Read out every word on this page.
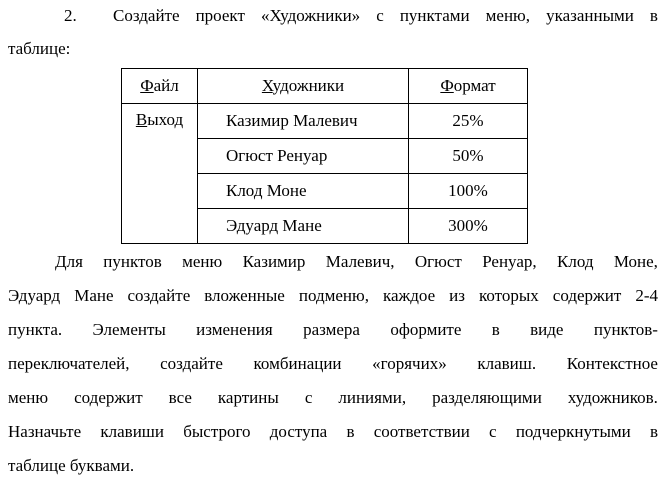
2. Создайте проект «Художники» с пунктами меню, указанными в
таблице:
Файл	Художники	Формат
Выход	Казимир Малевич	25%
	Огюст Ренуар	50%
	Клод Моне	100%
	Эдуард Мане	300%
Для пунктов меню Казимир Малевич, Огюст Ренуар, Клод Моне,
Эдуард Мане создайте вложенные подменю, каждое из которых содержит 2-4
пункта. Элементы изменения размера оформите в виде пунктов-
переключателей, создайте комбинации «горячих» клавиш. Контекстное
меню содержит все картины с линиями, разделяющими художников.
Назначьте клавиши быстрого доступа в соответствии с подчеркнутыми в
таблице буквами.
